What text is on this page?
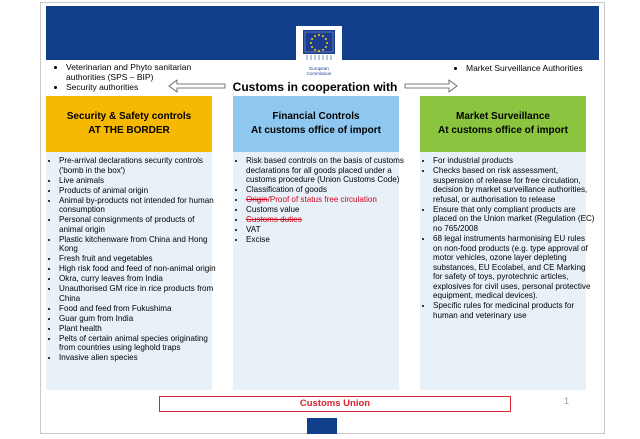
European
Commission
• Veterinarian and Phyto sanitarian authorities (SPS – BIP)
• Security authorities
• Market Surveillance Authorities
Customs in cooperation with
Security & Safety controls
AT THE BORDER
• Pre-arrival declarations security controls ('bomb in the box')
• Live animals
• Products of animal origin
• Animal by-products not intended for human consumption
• Personal consignments of products of animal origin
• Plastic kitchenware from China and Hong Kong
• Fresh fruit and vegetables
• High risk food and feed of non-animal origin
• Okra, curry leaves from India
• Unauthorised GM rice in rice products from China
• Food and feed from Fukushima
• Guar gum from India
• Plant health
• Pelts of certain animal species originating from countries using leghold traps
• Invasive alien species
Financial Controls
At customs office of import
• Risk based controls on the basis of customs declarations for all goods placed under a customs procedure (Union Customs Code)
• Classification of goods
• Origin/Proof of status free circulation
• Customs value
• Customs duties
• VAT
• Excise
Market Surveillance
At customs office of import
• For industrial products
• Checks based on risk assessment, suspension of release for free circulation, decision by market surveillance authorities, refusal, or authorisation to release
• Ensure that only compliant products are placed on the Union market (Regulation (EC) no 765/2008
• 68 legal instruments harmonising EU rules on non-food products (e.g. type approval of motor vehicles, ozone layer depleting substances, EU Ecolabel, and CE Marking for safety of toys, pyrotechnic articles, explosives for civil uses, personal protective equipment, medical devices).
• Specific rules for medicinal products for human and veterinary use
Customs Union	1
